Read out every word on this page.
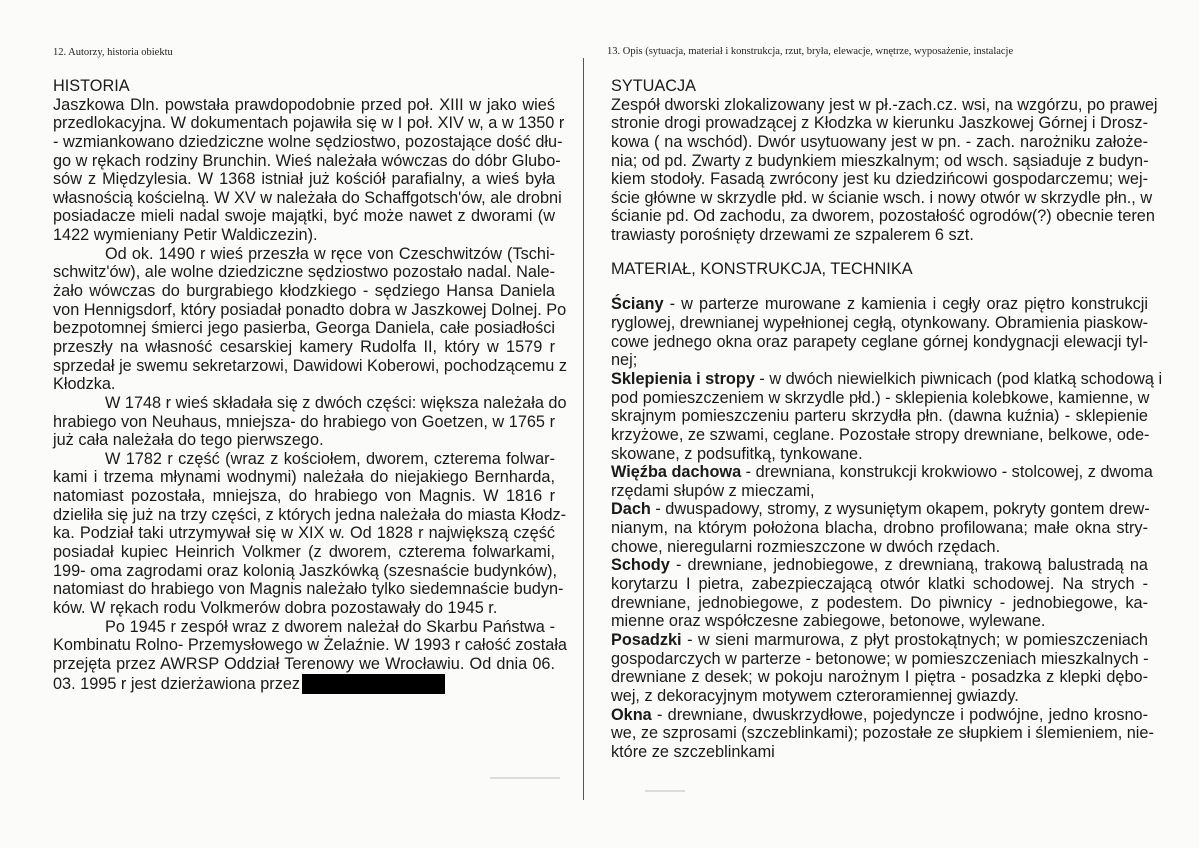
12. Autorzy, historia obiektu	13. Opis (sytuacja, materiał i konstrukcja, rzut, bryła, elewacje, wnętrze, wyposażenie, instalacje
HISTORIA
Jaszkowa Dln. powstała prawdopodobnie przed poł. XIII w jako wieś
przedlokacyjna. W dokumentach pojawiła się w I poł. XIV w, a w 1350 r
- wzmiankowano dziedziczne wolne sędziostwo, pozostające dość dłu-
go w rękach rodziny Brunchin. Wieś należała wówczas do dóbr Glubo-
sów z Międzylesia. W 1368 istniał już kościół parafialny, a wieś była
własnością kościelną. W XV w należała do Schaffgotsch'ów, ale drobni
posiadacze mieli nadal swoje majątki, być może nawet z dworami (w
1422 wymieniany Petir Waldiczezin).
Od ok. 1490 r wieś przeszła w ręce von Czeschwitzów (Tschi-
schwitz'ów), ale wolne dziedziczne sędziostwo pozostało nadal. Nale-
żało wówczas do burgrabiego kłodzkiego - sędziego Hansa Daniela
von Hennigsdorf, który posiadał ponadto dobra w Jaszkowej Dolnej. Po
bezpotomnej śmierci jego pasierba, Georga Daniela, całe posiadłości
przeszły na własność cesarskiej kamery Rudolfa II, który w 1579 r
sprzedał je swemu sekretarzowi, Dawidowi Koberowi, pochodzącemu z
Kłodzka.
W 1748 r wieś składała się z dwóch części: większa należała do
hrabiego von Neuhaus, mniejsza- do hrabiego von Goetzen, w 1765 r
już cała należała do tego pierwszego.
W 1782 r część (wraz z kościołem, dworem, czterema folwar-
kami i trzema młynami wodnymi) należała do niejakiego Bernharda,
natomiast pozostała, mniejsza, do hrabiego von Magnis. W 1816 r
dzieliła się już na trzy części, z których jedna należała do miasta Kłodz-
ka. Podział taki utrzymywał się w XIX w. Od 1828 r największą część
posiadał kupiec Heinrich Volkmer (z dworem, czterema folwarkami,
199- oma zagrodami oraz kolonią Jaszkówką (szesnaście budynków),
natomiast do hrabiego von Magnis należało tylko siedemnaście budyn-
ków. W rękach rodu Volkmerów dobra pozostawały do 1945 r.
Po 1945 r zespół wraz z dworem należał do Skarbu Państwa -
Kombinatu Rolno- Przemysłowego w Żelaźnie. W 1993 r całość została
przejęta przez AWRSP Oddział Terenowy we Wrocławiu. Od dnia 06.
03. 1995 r jest dzierżawiona przez
SYTUACJA
Zespół dworski zlokalizowany jest w pł.-zach.cz. wsi, na wzgórzu, po prawej
stronie drogi prowadzącej z Kłodzka w kierunku Jaszkowej Górnej i Drosz-
kowa ( na wschód). Dwór usytuowany jest w pn. - zach. narożniku założe-
nia; od pd. Zwarty z budynkiem mieszkalnym; od wsch. sąsiaduje z budyn-
kiem stodoły. Fasadą zwrócony jest ku dziedzińcowi gospodarczemu; wej-
ście główne w skrzydle płd. w ścianie wsch. i nowy otwór w skrzydle płn., w
ścianie pd. Od zachodu, za dworem, pozostałość ogrodów(?) obecnie teren
trawiasty porośnięty drzewami ze szpalerem 6 szt.
MATERIAŁ, KONSTRUKCJA, TECHNIKA
Ściany - w parterze murowane z kamienia i cegły oraz piętro konstrukcji
ryglowej, drewnianej wypełnionej cegłą, otynkowany. Obramienia piaskow-
cowe jednego okna oraz parapety ceglane górnej kondygnacji elewacji tyl-
nej;
Sklepienia i stropy - w dwóch niewielkich piwnicach (pod klatką schodową i
pod pomieszczeniem w skrzydle płd.) - sklepienia kolebkowe, kamienne, w
skrajnym pomieszczeniu parteru skrzydła płn. (dawna kuźnia) - sklepienie
krzyżowe, ze szwami, ceglane. Pozostałe stropy drewniane, belkowe, ode-
skowane, z podsufitką, tynkowane.
Więźba dachowa - drewniana, konstrukcji krokwiowo - stolcowej, z dwoma
rzędami słupów z mieczami,
Dach - dwuspadowy, stromy, z wysuniętym okapem, pokryty gontem drew-
nianym, na którym położona blacha, drobno profilowana; małe okna stry-
chowe, nieregularni rozmieszczone w dwóch rzędach.
Schody - drewniane, jednobiegowe, z drewnianą, trakową balustradą na
korytarzu I pietra, zabezpieczającą otwór klatki schodowej. Na strych -
drewniane, jednobiegowe, z podestem. Do piwnicy - jednobiegowe, ka-
mienne oraz współczesne zabiegowe, betonowe, wylewane.
Posadzki - w sieni marmurowa, z płyt prostokątnych; w pomieszczeniach
gospodarczych w parterze - betonowe; w pomieszczeniach mieszkalnych -
drewniane z desek; w pokoju narożnym I piętra - posadzka z klepki dębo-
wej, z dekoracyjnym motywem czteroramiennej gwiazdy.
Okna - drewniane, dwuskrzydłowe, pojedyncze i podwójne, jedno krosno-
we, ze szprosami (szczeblinkami); pozostałe ze słupkiem i ślemieniem, nie-
które ze szczeblinkami
